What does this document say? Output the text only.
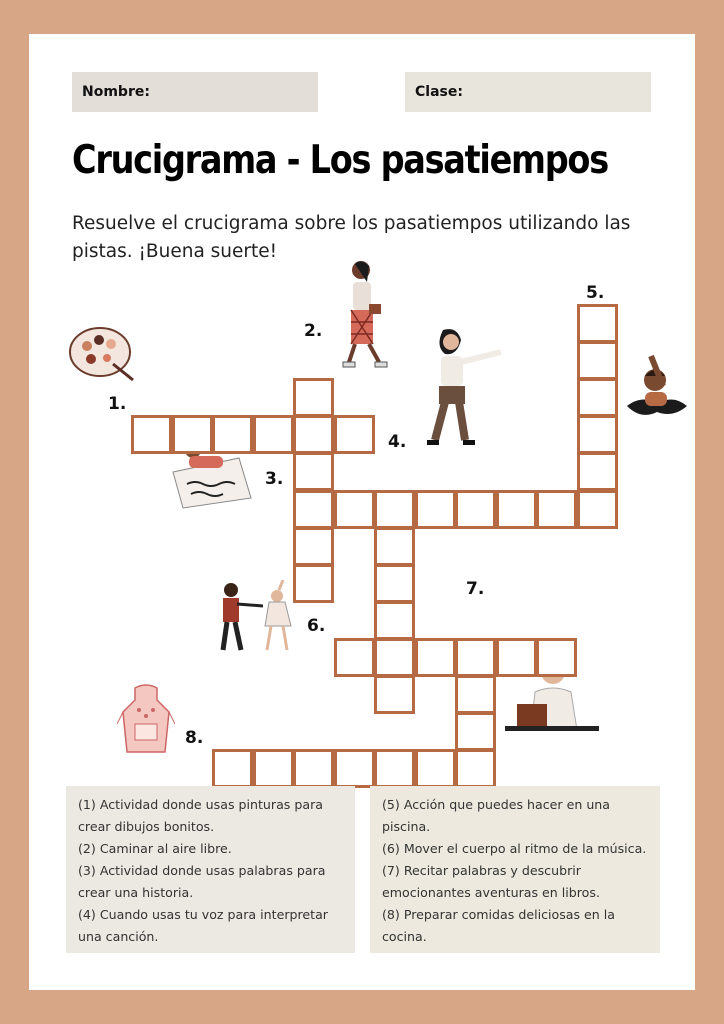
Nombre:	Clase:
Crucigrama - Los pasatiempos
Resuelve el crucigrama sobre los pasatiempos utilizando las pistas. ¡Buena suerte!
1.
2.
3.
4.
5.
6.
7.
8.
(1) Actividad donde usas pinturas para crear dibujos bonitos.
(2) Caminar al aire libre.
(3) Actividad donde usas palabras para crear una historia.
(4) Cuando usas tu voz para interpretar una canción.
(5) Acción que puedes hacer en una piscina.
(6) Mover el cuerpo al ritmo de la música.
(7) Recitar palabras y descubrir emocionantes aventuras en libros.
(8) Preparar comidas deliciosas en la cocina.
